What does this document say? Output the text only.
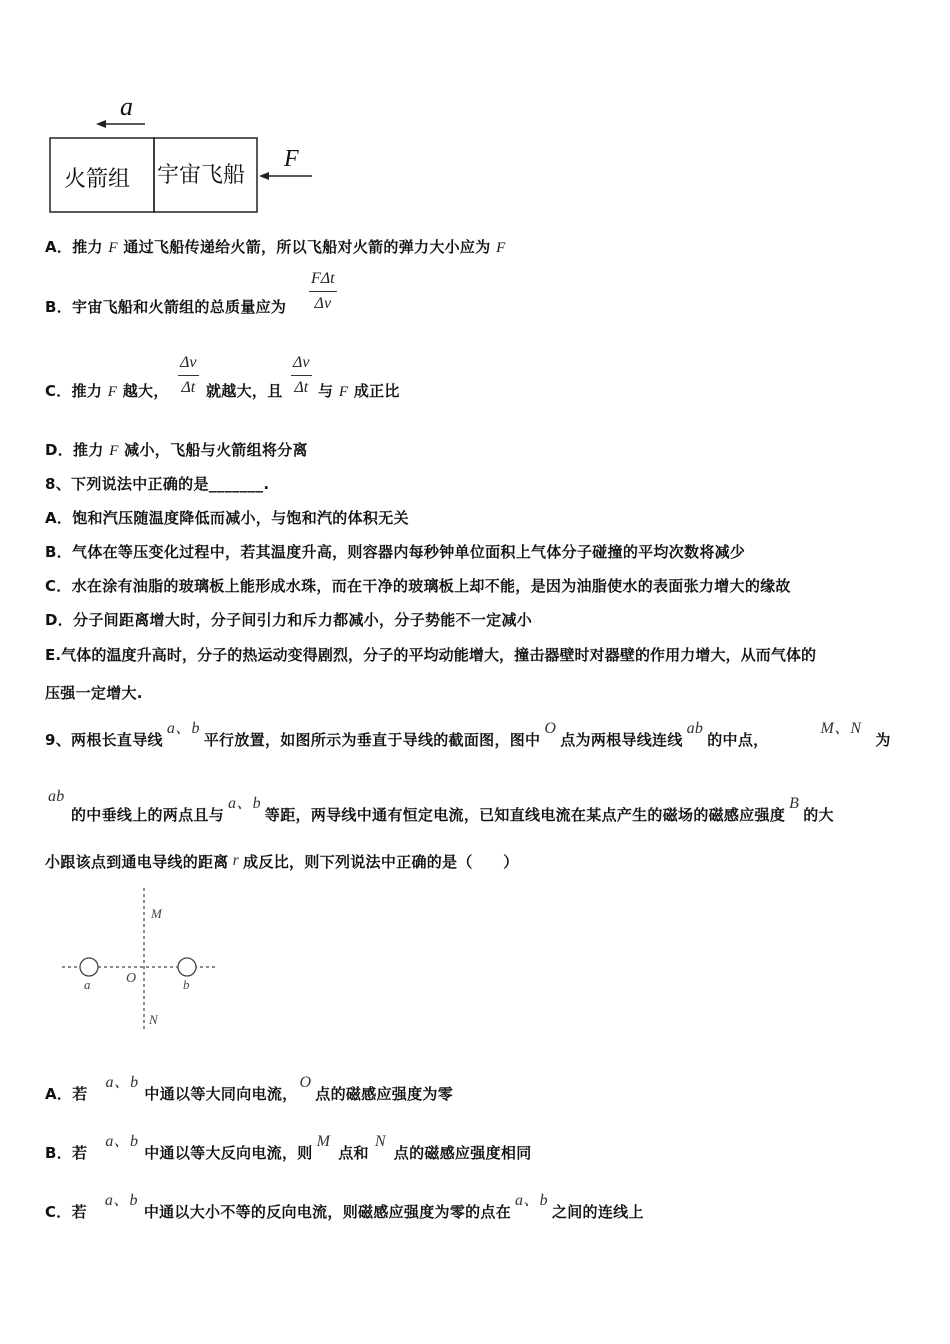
a
F
火箭组 宇宙飞船
A．推力 F 通过飞船传递给火箭，所以飞船对火箭的弹力大小应为 F
B．宇宙飞船和火箭组的总质量应为
FΔt
Δv
C．推力 F 越大，
Δv
Δt 就越大，且
Δv
Δt 与 F 成正比
D．推力 F 减小，飞船与火箭组将分离
8、下列说法中正确的是_______.
A．饱和汽压随温度降低而减小，与饱和汽的体积无关
B．气体在等压变化过程中，若其温度升高，则容器内每秒钟单位面积上气体分子碰撞的平均次数将减少
C．水在涂有油脂的玻璃板上能形成水珠，而在干净的玻璃板上却不能，是因为油脂使水的表面张力增大的缘故
D．分子间距离增大时，分子间引力和斥力都减小，分子势能不一定减小
E.气体的温度升高时，分子的热运动变得剧烈，分子的平均动能增大，撞击器壁时对器壁的作用力增大，从而气体的
压强一定增大.
9、两根长直导线a、b平行放置，如图所示为垂直于导线的截面图，图中O点为两根导线连线ab的中点，M、N为
ab
的中垂线上的两点且与a、b等距，两导线中通有恒定电流，已知直线电流在某点产生的磁场的磁感应强度B的大
小跟该点到通电导线的距离 r 成反比，则下列说法中正确的是（　　）
M
N
O
a	b
A．若a、b中通以等大同向电流，O点的磁感应强度为零
B．若a、b中通以等大反向电流，则M点和N点的磁感应强度相同
C．若a、b中通以大小不等的反向电流，则磁感应强度为零的点在a、b之间的连线上
